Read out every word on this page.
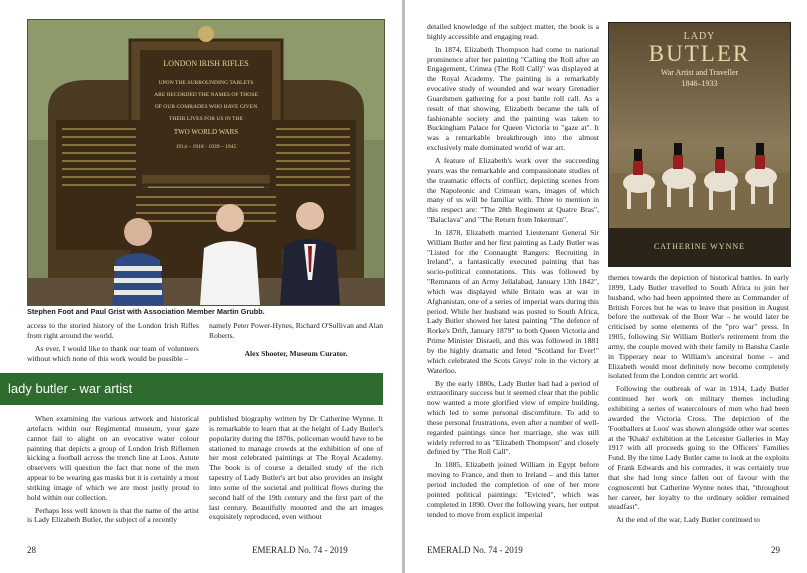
LONDON IRISH RIFLES
UPON THE SURROUNDING TABLETS
ARE RECORDED THE NAMES OF THOSE
OF OUR COMRADES WHO HAVE GIVEN
THEIR LIVES FOR US IN THE
TWO WORLD WARS
1914 – 1918 · 1939 – 1945
Stephen Foot and Paul Grist with Association Member Martin Grubb.

access to the storied history of the London Irish Rifles from right around the world.

As ever, I would like to thank our team of volunteers without which none of this work would be possible –

namely Peter Power-Hynes, Richard O'Sullivan and Alan Roberts.

Alex Shooter, Museum Curator.

lady butler - war artist

When examining the various artwork and historical artefacts within our Regimental museum, your gaze cannot fail to alight on an evocative water colour painting that depicts a group of London Irish Riflemen kicking a football across the trench line at Loos. Astute observers will question the fact that none of the men appear to be wearing gas masks but it is certainly a most striking image of which we are most justly proud to hold within our collection.

Perhaps less well known is that the name of the artist is Lady Elizabeth Butler, the subject of a recently

published biography written by Dr Catherine Wynne. It is remarkable to learn that at the height of Lady Butler's popularity during the 1870s, policeman would have to be stationed to manage crowds at the exhibition of one of her most celebrated paintings at The Royal Academy. The book is of course a detailed study of the rich tapestry of Lady Butler's art but also provides an insight into some of the societal and political flows during the second half of the 19th century and the first part of the last century. Beautifully mounted and the art images exquisitely reproduced, even without

28	EMERALD No. 74 - 2019

detailed knowledge of the subject matter, the book is a highly accessible and engaging read.

In 1874, Elizabeth Thompson had come to national prominence after her painting "Calling the Roll after an Engagement, Crimea (The Roll Call)" was displayed at the Royal Academy. The painting is a remarkably evocative study of wounded and war weary Grenadier Guardsmen gathering for a post battle roll call. As a result of that showing, Elizabeth became the talk of fashionable society and the painting was taken to Buckingham Palace for Queen Victoria to "gaze at". It was a remarkable breakthrough into the almost exclusively male dominated world of war art.

A feature of Elizabeth's work over the succeeding years was the remarkable and compassionate studies of the traumatic effects of conflict, depicting scenes from the Napoleonic and Crimean wars, images of which many of us will be familiar with. Three to mention in this respect are: "The 28th Regiment at Quatre Bras", "Balaclava" and "The Return from Inkerman".

In 1878, Elizabeth married Lieutenant General Sir William Butler and her first painting as Lady Butler was "Listed for the Connaught Rangers: Recruiting in Ireland", a fantastically executed painting that has socio-political connotations. This was followed by "Remnants of an Army Jellalabad, January 13th 1842", which was displayed while Britain was at war in Afghanistan, one of a series of imperial wars during this period. While her husband was posted to South Africa, Lady Butler showed her latest painting "The defence of Rorke's Drift, January 1879" to both Queen Victoria and Prime Minister Disraeli, and this was followed in 1881 by the highly dramatic and feted "Scotland for Ever!" which celebrated the Scots Greys' role in the victory at Waterloo.

By the early 1880s, Lady Butler had had a period of extraordinary success but it seemed clear that the public now wanted a more glorified view of empire building, which led to some personal discomfiture. To add to these personal frustrations, even after a number of well-regarded paintings since her marriage, she was still widely referred to as "Elizabeth Thompson" and closely defined by "The Roll Call".

In 1885, Elizabeth joined William in Egypt before moving to France, and then to Ireland – and this latter period included the completion of one of her more pointed political paintings: "Evicted", which was completed in 1890. Over the following years, her output tended to move from explicit imperial

LADY
BUTLER
War Artist and Traveller
1846–1933
CATHERINE WYNNE

themes towards the depiction of historical battles. In early 1899, Lady Butler travelled to South Africa to join her husband, who had been appointed there as Commander of British Forces but he was to leave that position in August before the outbreak of the Boer War – he would later be criticised by some elements of the "pro war" press. In 1905, following Sir William Butler's retirement from the army, the couple moved with their family to Bansha Castle in Tipperary near to William's ancestral home – and Elizabeth would most definitely now become completely isolated from the London centric art world.

Following the outbreak of war in 1914, Lady Butler continued her work on military themes including exhibiting a series of watercolours of men who had been awarded the Victoria Cross. The depiction of the 'Footballers at Loos' was shown alongside other war scenes at the 'Khaki' exhibition at the Leicester Galleries in May 1917 with all proceeds going to the Officers' Families Fund. By the time Lady Butler came to look at the exploits of Frank Edwards and his comrades, it was certainly true that she had long since fallen out of favour with the cognoscenti but Catherine Wynne notes that, "throughout her career, her loyalty to the ordinary soldier remained steadfast".

At the end of the war, Lady Butler continued to

EMERALD No. 74 - 2019	29
